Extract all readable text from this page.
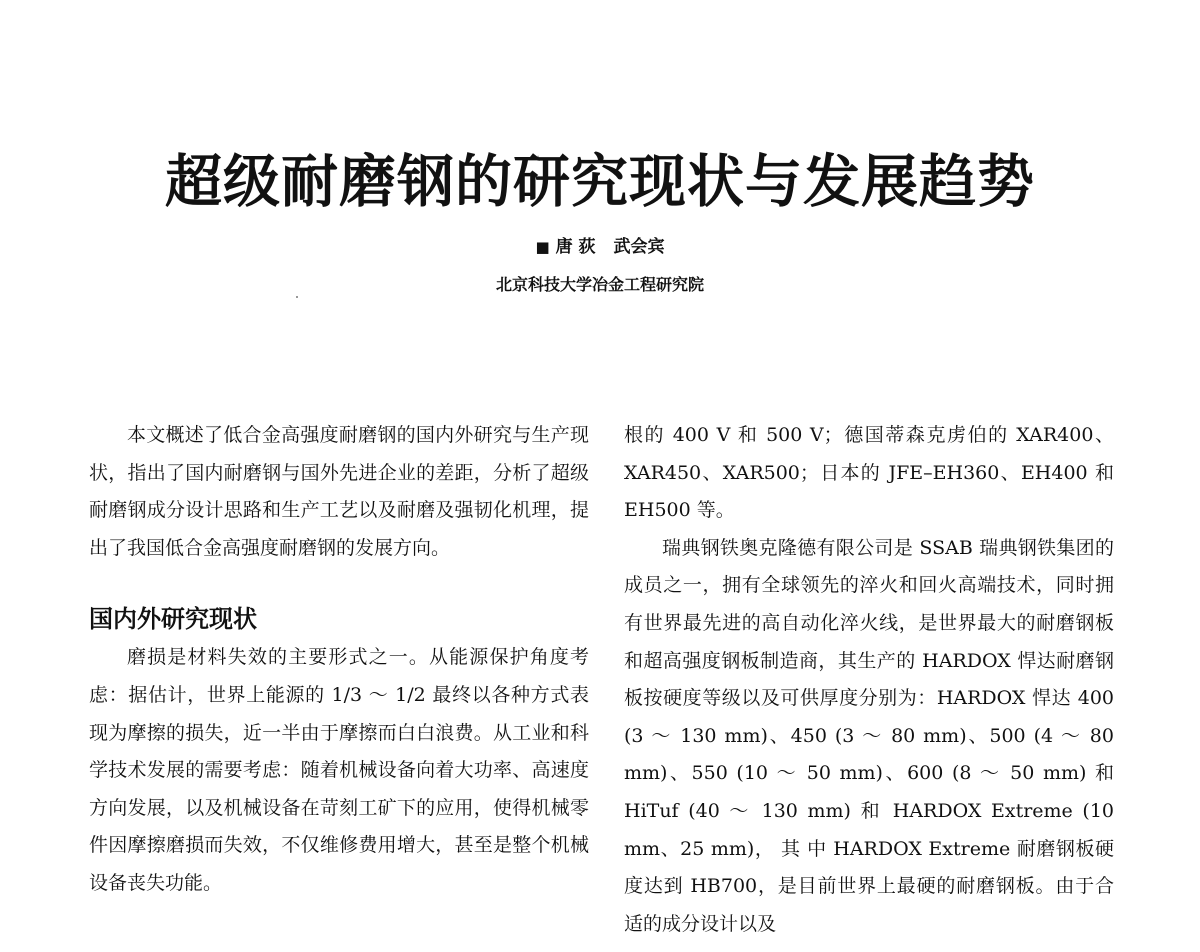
超级耐磨钢的研究现状与发展趋势
■ 唐 荻 武会宾
北京科技大学冶金工程研究院

本文概述了低合金高强度耐磨钢的国内外研究与生产现状，指出了国内耐磨钢与国外先进企业的差距，分析了超级耐磨钢成分设计思路和生产工艺以及耐磨及强韧化机理，提出了我国低合金高强度耐磨钢的发展方向。

国内外研究现状

磨损是材料失效的主要形式之一。从能源保护角度考虑：据估计，世界上能源的 1/3 ～ 1/2 最终以各种方式表现为摩擦的损失，近一半由于摩擦而白白浪费。从工业和科学技术发展的需要考虑：随着机械设备向着大功率、高速度方向发展，以及机械设备在苛刻工矿下的应用，使得机械零件因摩擦磨损而失效，不仅维修费用增大，甚至是整个机械设备丧失功能。

根的 400 V 和 500 V；德国蒂森克虏伯的 XAR400、XAR450、XAR500；日本的 JFE–EH360、EH400 和 EH500 等。

瑞典钢铁奥克隆德有限公司是 SSAB 瑞典钢铁集团的成员之一，拥有全球领先的淬火和回火高端技术，同时拥有世界最先进的高自动化淬火线，是世界最大的耐磨钢板和超高强度钢板制造商，其生产的 HARDOX 悍达耐磨钢板按硬度等级以及可供厚度分别为：HARDOX 悍达 400 (3 ～ 130 mm)、450 (3 ～ 80 mm)、500 (4 ～ 80 mm)、550 (10 ～ 50 mm)、600 (8 ～ 50 mm) 和 HiTuf (40 ～ 130 mm) 和 HARDOX Extreme (10 mm、25 mm)， 其 中 HARDOX Extreme 耐磨钢板硬度达到 HB700，是目前世界上最硬的耐磨钢板。由于合适的成分设计以及
